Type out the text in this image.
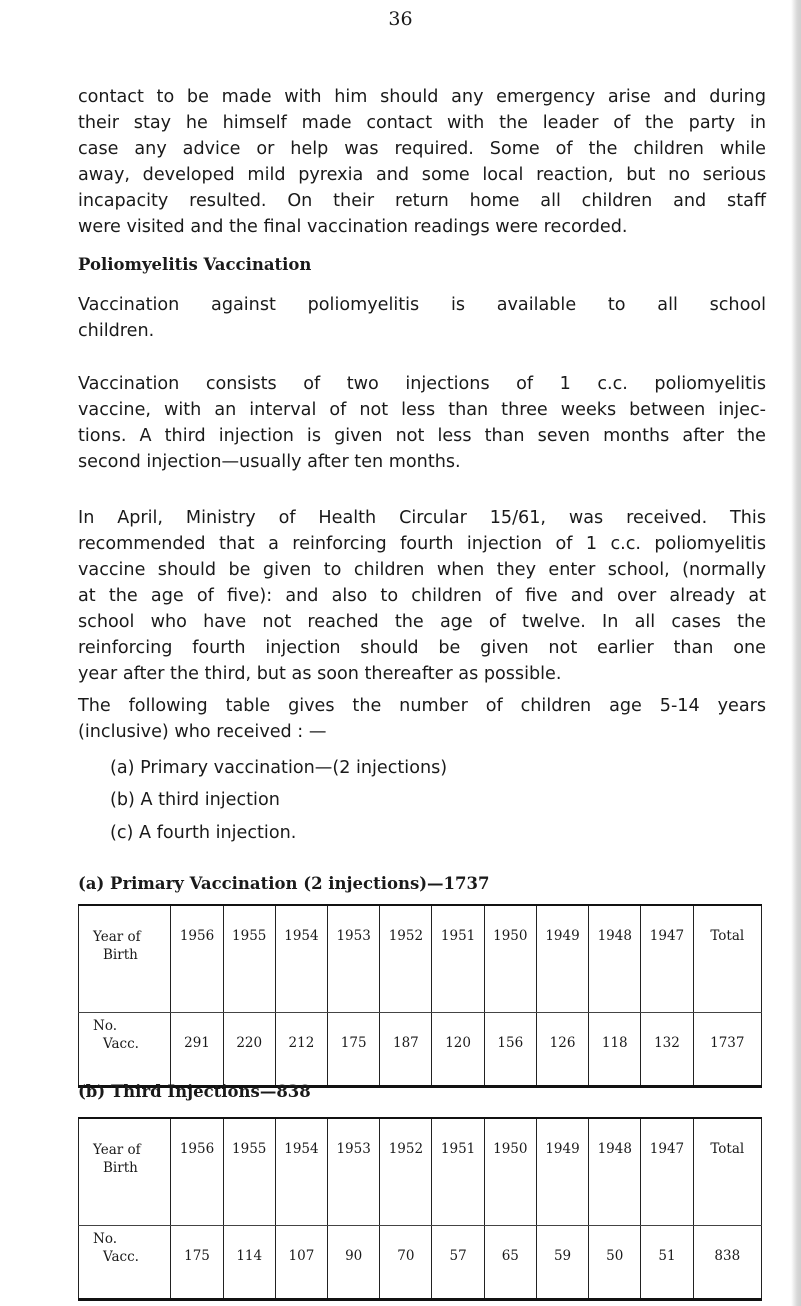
36
contact to be made with him should any emergency arise and during
their stay he himself made contact with the leader of the party in
case any advice or help was required. Some of the children while
away, developed mild pyrexia and some local reaction, but no serious
incapacity resulted. On their return home all children and staff
were visited and the final vaccination readings were recorded.
Poliomyelitis Vaccination
Vaccination against poliomyelitis is available to all school
children.
Vaccination consists of two injections of 1 c.c. poliomyelitis
vaccine, with an interval of not less than three weeks between injec-
tions. A third injection is given not less than seven months after the
second injection—usually after ten months.
In April, Ministry of Health Circular 15/61, was received. This
recommended that a reinforcing fourth injection of 1 c.c. poliomyelitis
vaccine should be given to children when they enter school, (normally
at the age of five): and also to children of five and over already at
school who have not reached the age of twelve. In all cases the
reinforcing fourth injection should be given not earlier than one
year after the third, but as soon thereafter as possible.
The following table gives the number of children age 5-14 years
(inclusive) who received : —
(a) Primary vaccination—(2 injections)
(b) A third injection
(c) A fourth injection.
(a) Primary Vaccination (2 injections)—1737
Year of
Birth	1956	1955	1954	1953	1952	1951	1950	1949	1948	1947	Total
No.
Vacc.	291	220	212	175	187	120	156	126	118	132	1737
(b) Third Injections—838
Year of
Birth	1956	1955	1954	1953	1952	1951	1950	1949	1948	1947	Total
No.
Vacc.	175	114	107	90	70	57	65	59	50	51	838
